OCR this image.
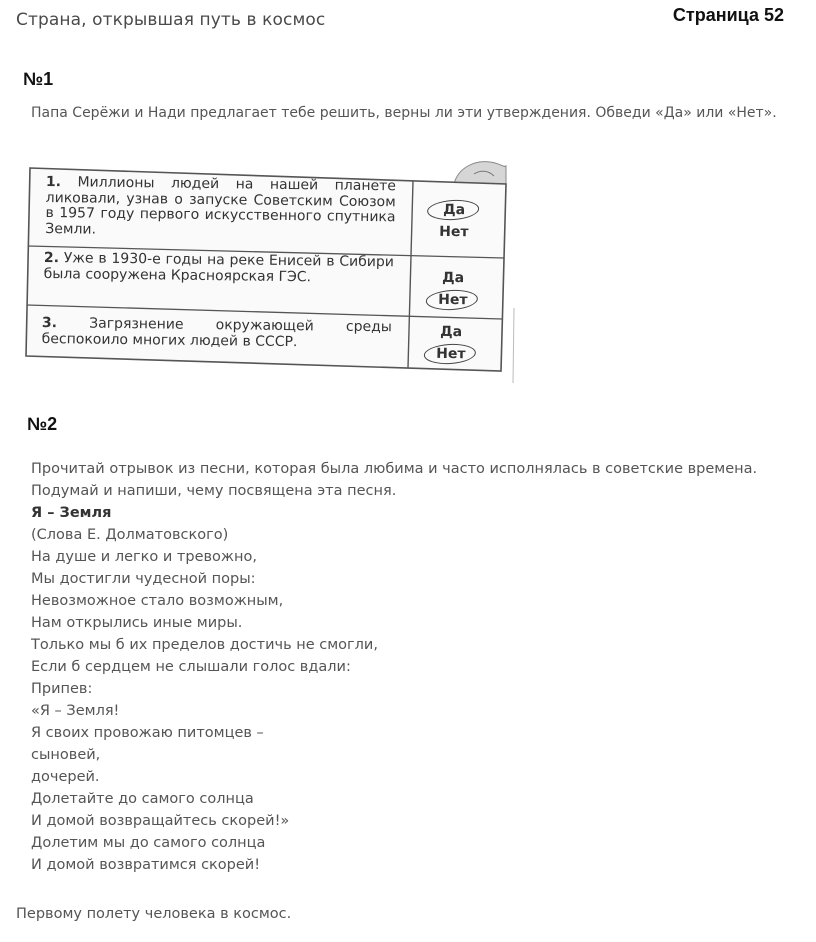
Страна, открывшая путь в космос	Страница 52
№1
Папа Серёжи и Нади предлагает тебе решить, верны ли эти утверждения. Обведи «Да» или «Нет».
1. Миллионы людей на нашей планете ликовали, узнав о запуске Советским Союзом в 1957 году первого искусственного спутника Земли.
Да
Нет
2. Уже в 1930-е годы на реке Енисей в Сибири была сооружена Красноярская ГЭС.	Да
Нет
3. Загрязнение окружающей среды беспокоило многих людей в СССР.	Да
Нет
№2
Прочитай отрывок из песни, которая была любима и часто исполнялась в советские времена.
Подумай и напиши, чему посвящена эта песня.
Я – Земля
(Слова Е. Долматовского)
На душе и легко и тревожно,
Мы достигли чудесной поры:
Невозможное стало возможным,
Нам открылись иные миры.
Только мы б их пределов достичь не смогли,
Если б сердцем не слышали голос вдали:
Припев:
«Я – Земля!
Я своих провожаю питомцев –
сыновей,
дочерей.
Долетайте до самого солнца
И домой возвращайтесь скорей!»
Долетим мы до самого солнца
И домой возвратимся скорей!
Первому полету человека в космос.
